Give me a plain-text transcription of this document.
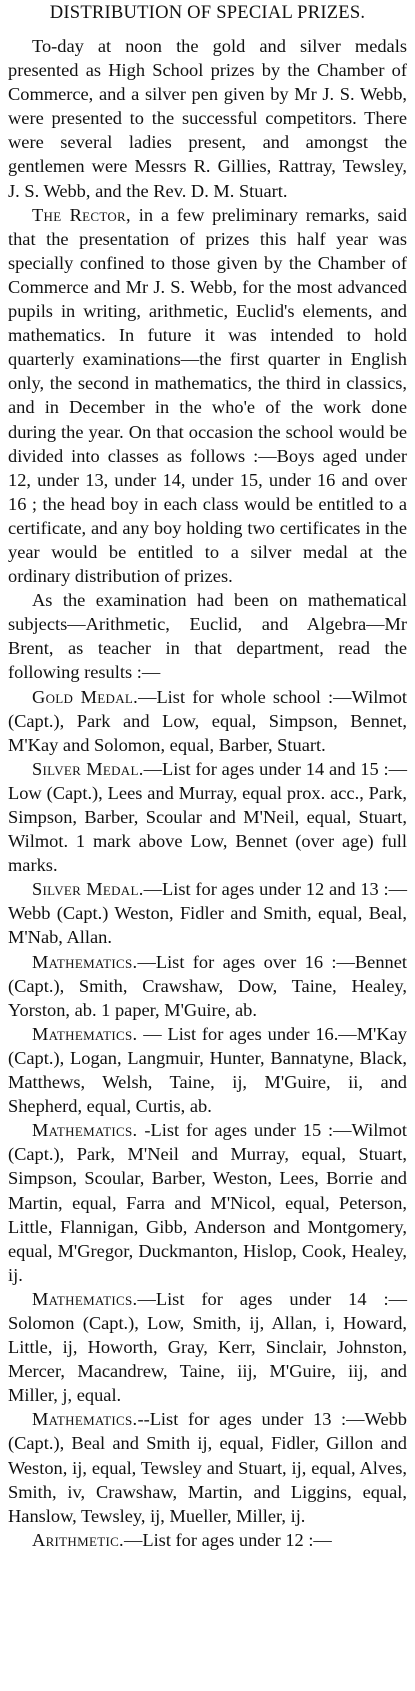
DISTRIBUTION OF SPECIAL PRIZES.

To-day at noon the gold and silver medals presented as High School prizes by the Chamber of Commerce, and a silver pen given by Mr J. S. Webb, were presented to the successful competitors. There were several ladies present, and amongst the gentlemen were Messrs R. Gillies, Rattray, Tewsley, J. S. Webb, and the Rev. D. M. Stuart.

The Rector, in a few preliminary remarks, said that the presentation of prizes this half year was specially confined to those given by the Chamber of Commerce and Mr J. S. Webb, for the most advanced pupils in writing, arithmetic, Euclid's elements, and mathematics. In future it was intended to hold quarterly examinations—the first quarter in English only, the second in mathematics, the third in classics, and in December in the who'e of the work done during the year. On that occasion the school would be divided into classes as follows :—Boys aged under 12, under 13, under 14, under 15, under 16 and over 16 ; the head boy in each class would be entitled to a certificate, and any boy holding two certificates in the year would be entitled to a silver medal at the ordinary distribution of prizes.

As the examination had been on mathematical subjects—Arithmetic, Euclid, and Algebra—Mr Brent, as teacher in that department, read the following results :—

Gold Medal.—List for whole school :—Wilmot (Capt.), Park and Low, equal, Simpson, Bennet, M'Kay and Solomon, equal, Barber, Stuart.

Silver Medal.—List for ages under 14 and 15 :—Low (Capt.), Lees and Murray, equal prox. acc., Park, Simpson, Barber, Scoular and M'Neil, equal, Stuart, Wilmot. 1 mark above Low, Bennet (over age) full marks.

Silver Medal.—List for ages under 12 and 13 :—Webb (Capt.) Weston, Fidler and Smith, equal, Beal, M'Nab, Allan.

Mathematics.—List for ages over 16 :—Bennet (Capt.), Smith, Crawshaw, Dow, Taine, Healey, Yorston, ab. 1 paper, M'Guire, ab.

Mathematics. — List for ages under 16.—M'Kay (Capt.), Logan, Langmuir, Hunter, Bannatyne, Black, Matthews, Welsh, Taine, ij, M'Guire, ii, and Shepherd, equal, Curtis, ab.

Mathematics. -List for ages under 15 :—Wilmot (Capt.), Park, M'Neil and Murray, equal, Stuart, Simpson, Scoular, Barber, Weston, Lees, Borrie and Martin, equal, Farra and M'Nicol, equal, Peterson, Little, Flannigan, Gibb, Anderson and Montgomery, equal, M'Gregor, Duckmanton, Hislop, Cook, Healey, ij.

Mathematics.—List for ages under 14 :—Solomon (Capt.), Low, Smith, ij, Allan, i, Howard, Little, ij, Howorth, Gray, Kerr, Sinclair, Johnston, Mercer, Macandrew, Taine, iij, M'Guire, iij, and Miller, j, equal.

Mathematics.--List for ages under 13 :—Webb (Capt.), Beal and Smith ij, equal, Fidler, Gillon and Weston, ij, equal, Tewsley and Stuart, ij, equal, Alves, Smith, iv, Crawshaw, Martin, and Liggins, equal, Hanslow, Tewsley, ij, Mueller, Miller, ij.

Arithmetic.—List for ages under 12 :—
